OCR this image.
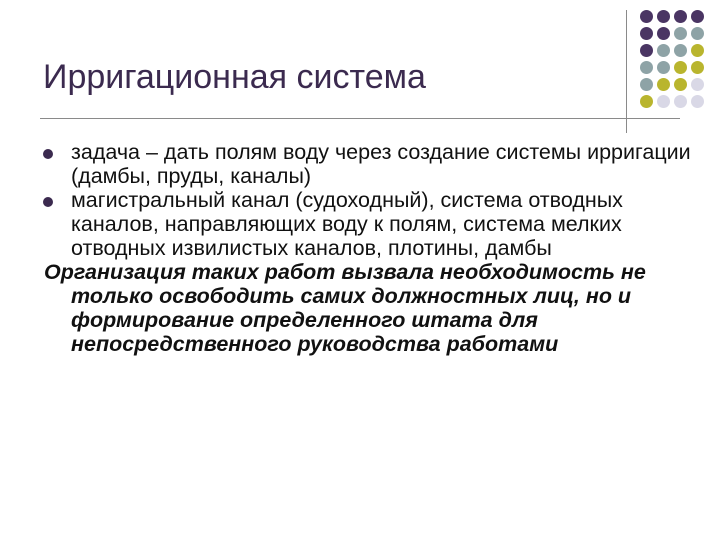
Ирригационная система
задача – дать полям воду через создание системы ирригации (дамбы, пруды, каналы)
магистральный канал (судоходный), система отводных каналов, направляющих воду к полям, система мелких отводных извилистых каналов, плотины, дамбы

Организация таких работ вызвала необходимость не только освободить самих должностных лиц, но и формирование определенного штата для непосредственного руководства работами
